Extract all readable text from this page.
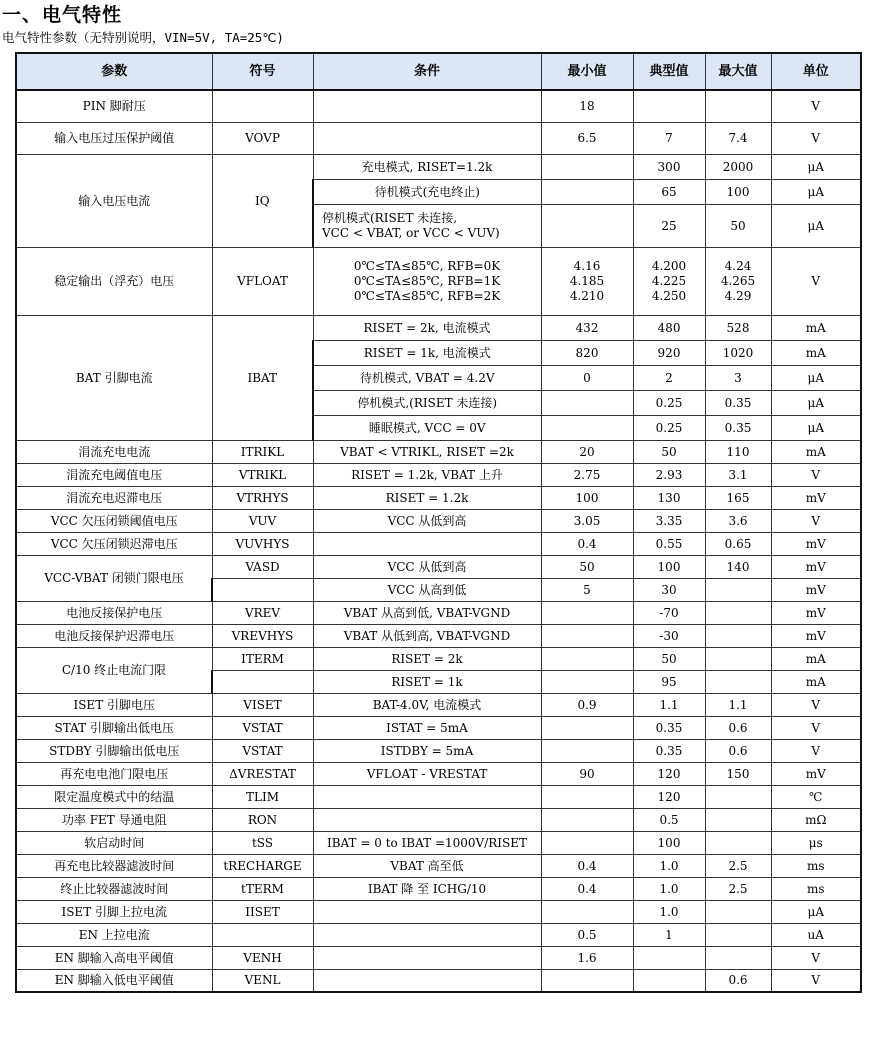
一、电气特性
电气特性参数（无特别说明，VIN=5V, TA=25℃)
参数	符号	条件	最小值	典型值	最大值	单位
PIN 脚耐压			18			V
输入电压过压保护阈值	VOVP		6.5	7	7.4	V
输入电压电流	IQ	充电模式, RISET=1.2k		300	2000	μA
		待机模式(充电终止)		65	100	μA
		停机模式(RISET 未连接,
VCC < VBAT, or VCC < VUV)		25	50	μA
稳定输出（浮充）电压	VFLOAT	0℃≤TA≤85℃, RFB=0K
0℃≤TA≤85℃, RFB=1K
0℃≤TA≤85℃, RFB=2K	4.16
4.185
4.210	4.200
4.225
4.250	4.24
4.265
4.29	V
BAT 引脚电流	IBAT	RISET = 2k, 电流模式	432	480	528	mA
		RISET = 1k, 电流模式	820	920	1020	mA
		待机模式, VBAT = 4.2V	0	2	3	μA
		停机模式,(RISET 未连接)		0.25	0.35	μA
		睡眠模式, VCC = 0V		0.25	0.35	μA
涓流充电电流	ITRIKL	VBAT < VTRIKL, RISET =2k	20	50	110	mA
涓流充电阈值电压	VTRIKL	RISET = 1.2k, VBAT 上升	2.75	2.93	3.1	V
涓流充电迟滞电压	VTRHYS	RISET = 1.2k	100	130	165	mV
VCC 欠压闭锁阈值电压	VUV	VCC 从低到高	3.05	3.35	3.6	V
VCC 欠压闭锁迟滞电压	VUVHYS		0.4	0.55	0.65	mV
VCC-VBAT 闭锁门限电压	VASD	VCC 从低到高	50	100	140	mV
		VCC 从高到低	5	30		mV
电池反接保护电压	VREV	VBAT 从高到低, VBAT-VGND		-70		mV
电池反接保护迟滞电压	VREVHYS	VBAT 从低到高, VBAT-VGND		-30		mV
C/10 终止电流门限	ITERM	RISET = 2k		50		mA
		RISET = 1k		95		mA
ISET 引脚电压	VISET	BAT-4.0V, 电流模式	0.9	1.1	1.1	V
STAT 引脚输出低电压	VSTAT	ISTAT = 5mA		0.35	0.6	V
STDBY 引脚输出低电压	VSTAT	ISTDBY = 5mA		0.35	0.6	V
再充电电池门限电压	ΔVRESTAT	VFLOAT - VRESTAT	90	120	150	mV
限定温度模式中的结温	TLIM			120		℃
功率 FET 导通电阻	RON			0.5		mΩ
软启动时间	tSS	IBAT = 0 to IBAT =1000V/RISET		100		μs
再充电比较器滤波时间	tRECHARGE	VBAT 高至低	0.4	1.0	2.5	ms
终止比较器滤波时间	tTERM	IBAT 降 至 ICHG/10	0.4	1.0	2.5	ms
ISET 引脚上拉电流	IISET			1.0		μA
EN 上拉电流			0.5	1		uA
EN 脚输入高电平阈值	VENH		1.6			V
EN 脚输入低电平阈值	VENL				0.6	V
